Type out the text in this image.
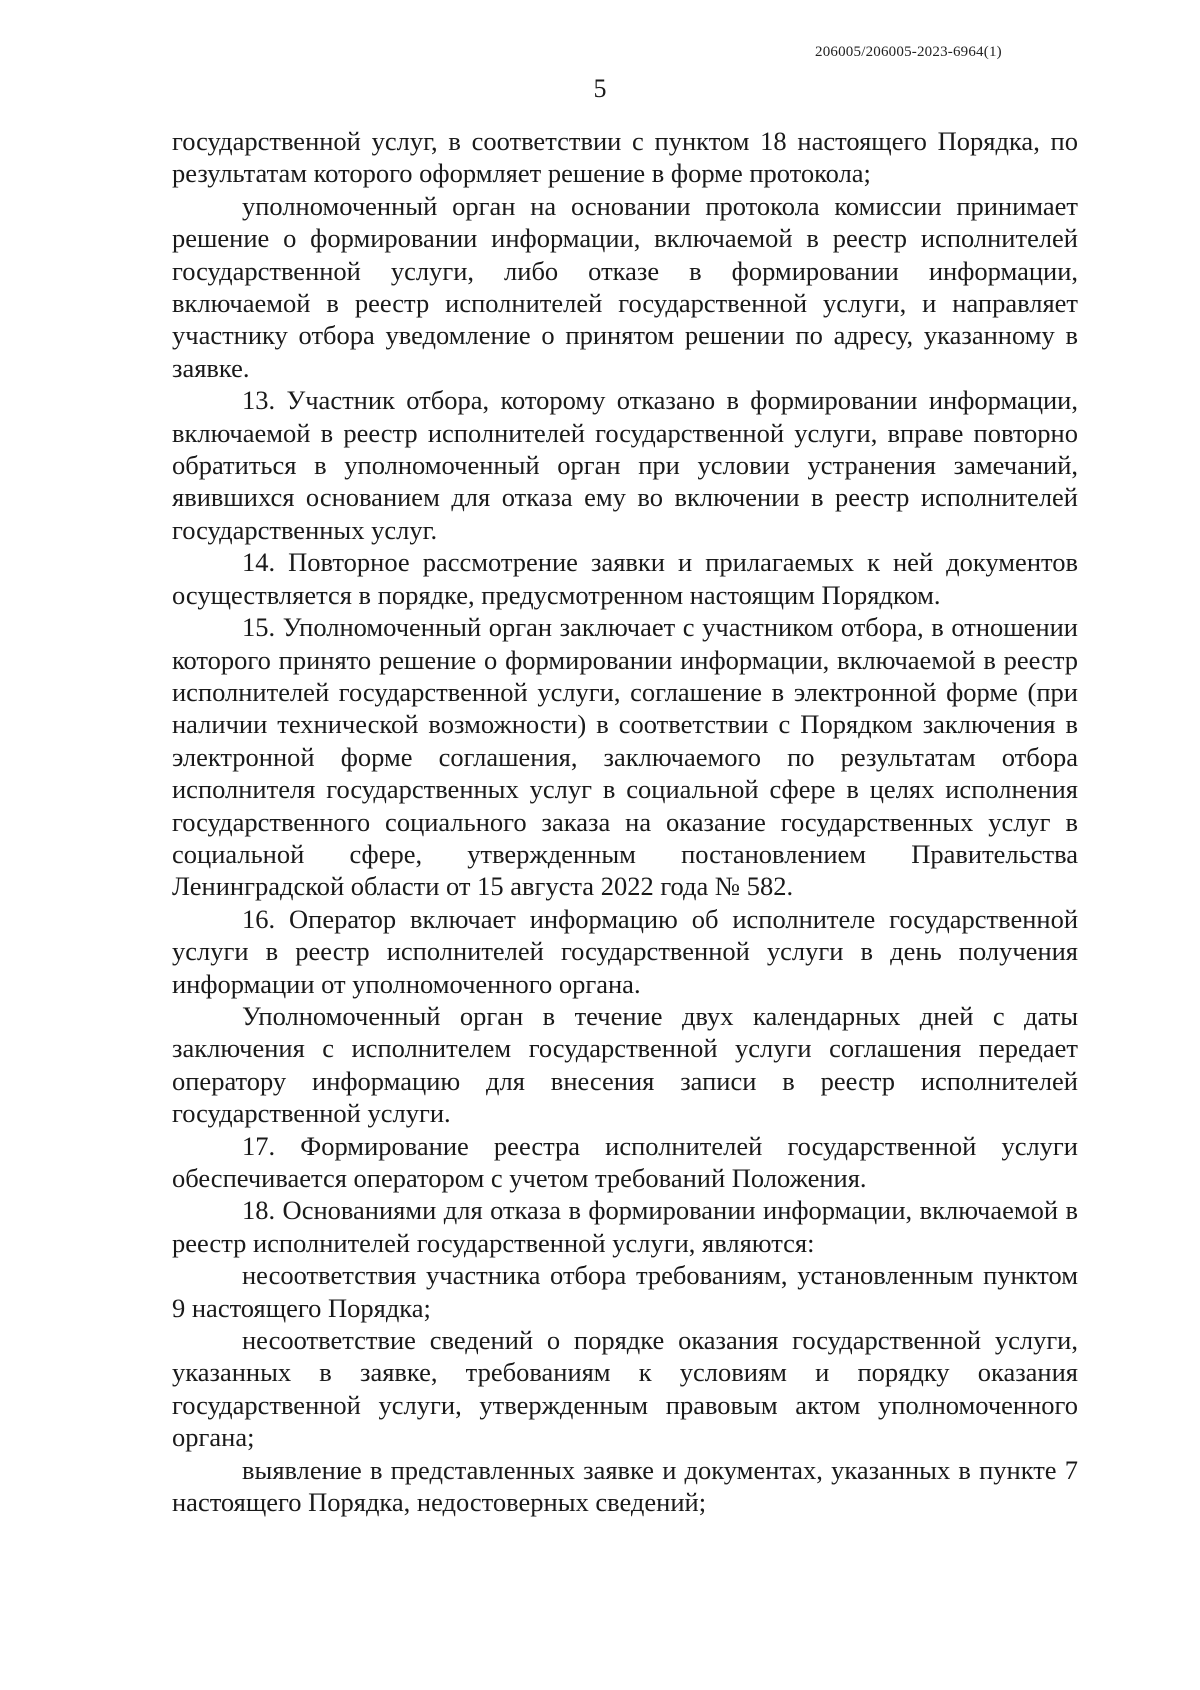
206005/206005-2023-6964(1)
5

государственной услуг, в соответствии с пунктом 18 настоящего Порядка, по результатам которого оформляет решение в форме протокола;

уполномоченный орган на основании протокола комиссии принимает решение о формировании информации, включаемой в реестр исполнителей государственной услуги, либо отказе в формировании информации, включаемой в реестр исполнителей государственной услуги, и направляет участнику отбора уведомление о принятом решении по адресу, указанному в заявке.

13. Участник отбора, которому отказано в формировании информации, включаемой в реестр исполнителей государственной услуги, вправе повторно обратиться в уполномоченный орган при условии устранения замечаний, явившихся основанием для отказа ему во включении в реестр исполнителей государственных услуг.

14. Повторное рассмотрение заявки и прилагаемых к ней документов осуществляется в порядке, предусмотренном настоящим Порядком.

15. Уполномоченный орган заключает с участником отбора, в отношении которого принято решение о формировании информации, включаемой в реестр исполнителей государственной услуги, соглашение в электронной форме (при наличии технической возможности) в соответствии с Порядком заключения в электронной форме соглашения, заключаемого по результатам отбора исполнителя государственных услуг в социальной сфере в целях исполнения государственного социального заказа на оказание государственных услуг в социальной сфере, утвержденным постановлением Правительства Ленинградской области от 15 августа 2022 года № 582.

16. Оператор включает информацию об исполнителе государственной услуги в реестр исполнителей государственной услуги в день получения информации от уполномоченного органа.

Уполномоченный орган в течение двух календарных дней с даты заключения с исполнителем государственной услуги соглашения передает оператору информацию для внесения записи в реестр исполнителей государственной услуги.

17. Формирование реестра исполнителей государственной услуги обеспечивается оператором с учетом требований Положения.

18. Основаниями для отказа в формировании информации, включаемой в реестр исполнителей государственной услуги, являются:

несоответствия участника отбора требованиям, установленным пунктом 9 настоящего Порядка;

несоответствие сведений о порядке оказания государственной услуги, указанных в заявке, требованиям к условиям и порядку оказания государственной услуги, утвержденным правовым актом уполномоченного органа;

выявление в представленных заявке и документах, указанных в пункте 7 настоящего Порядка, недостоверных сведений;
